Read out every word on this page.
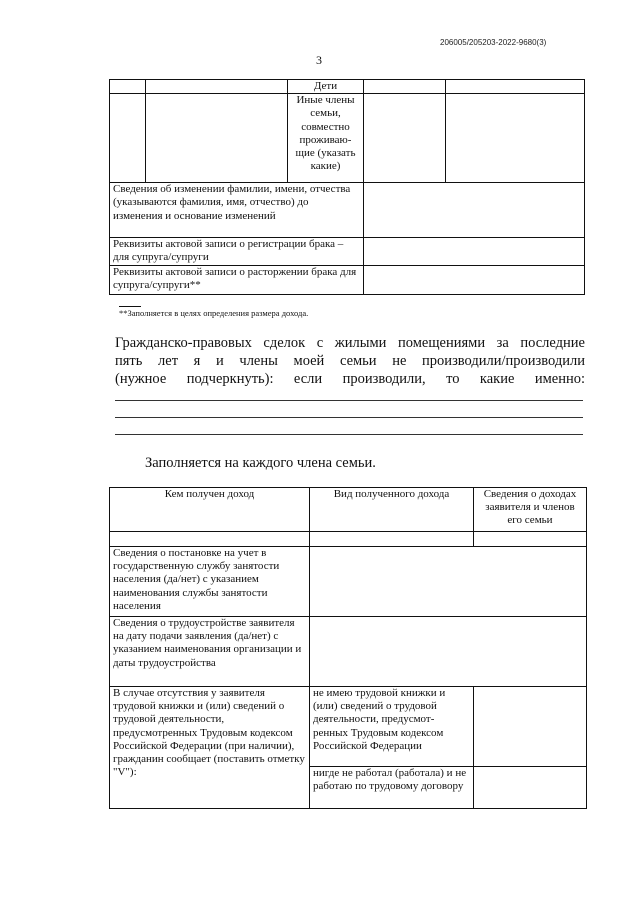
206005/205203-2022-9680(3)
3
		Дети		
		Иные члены семьи, совместно проживаю- щие (указать какие)		
Сведения об изменении фамилии, имени, отчества (указываются фамилия, имя, отчество) до изменения и основание изменений				
Реквизиты актовой записи о регистрации брака – для супруга/супруги				
Реквизиты актовой записи о расторжении брака для супруга/супруги**				
**Заполняется в целях определения размера дохода.
Гражданско-правовых сделок с жилыми помещениями за последние
пять лет я и члены моей семьи не производили/производили
(нужное подчеркнуть): если производили, то какие именно:
Заполняется на каждого члена семьи.
Кем получен доход	Вид полученного дохода	Сведения о доходах заявителя и членов его семьи

Сведения о постановке на учет в государственную службу занятости населения (да/нет) с указанием наименования службы занятости населения		
Сведения о трудоустройстве заявителя на дату подачи заявления (да/нет) с указанием наименования организации и даты трудоустройства		
В случае отсутствия у заявителя трудовой книжки и (или) сведений о трудовой деятельности, предусмотренных Трудовым кодексом Российской Федерации (при наличии), гражданин сообщает (поставить отметку "V"):	не имею трудовой книжки и (или) сведений о трудовой деятельности, предусмот- ренных Трудовым кодексом Российской Федерации	
	нигде не работал (работала) и не работаю по трудовому договору	
